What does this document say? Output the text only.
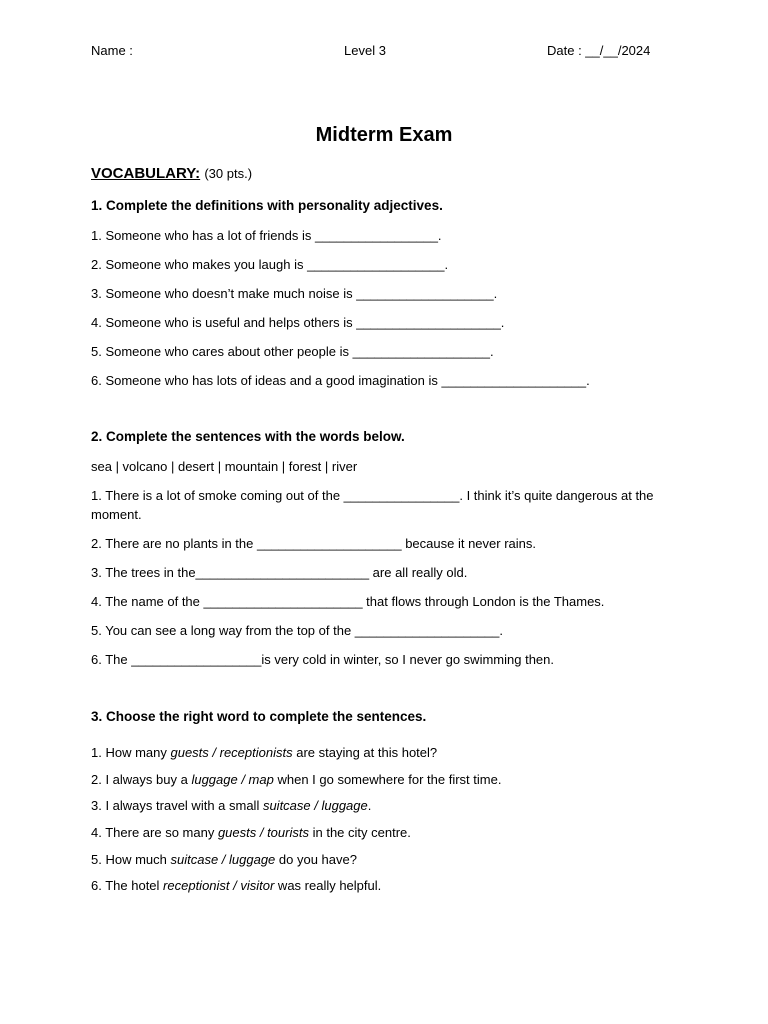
Name :	Level 3	Date : __/__/2024
Midterm Exam
VOCABULARY: (30 pts.)
1. Complete the definitions with personality adjectives.
1. Someone who has a lot of friends is _________________.
2. Someone who makes you laugh is ___________________.
3. Someone who doesn’t make much noise is ___________________.
4. Someone who is useful and helps others is ____________________.
5. Someone who cares about other people is ___________________.
6. Someone who has lots of ideas and a good imagination is ____________________.
2. Complete the sentences with the words below.
sea | volcano | desert | mountain | forest | river
1. There is a lot of smoke coming out of the ________________. I think it’s quite dangerous at the moment.
2. There are no plants in the ____________________ because it never rains.
3. The trees in the________________________ are all really old.
4. The name of the ______________________ that flows through London is the Thames.
5. You can see a long way from the top of the ____________________.
6. The __________________is very cold in winter, so I never go swimming then.
3. Choose the right word to complete the sentences.
1. How many guests / receptionists are staying at this hotel?
2. I always buy a luggage / map when I go somewhere for the first time.
3. I always travel with a small suitcase / luggage.
4. There are so many guests / tourists in the city centre.
5. How much suitcase / luggage do you have?
6. The hotel receptionist / visitor was really helpful.
